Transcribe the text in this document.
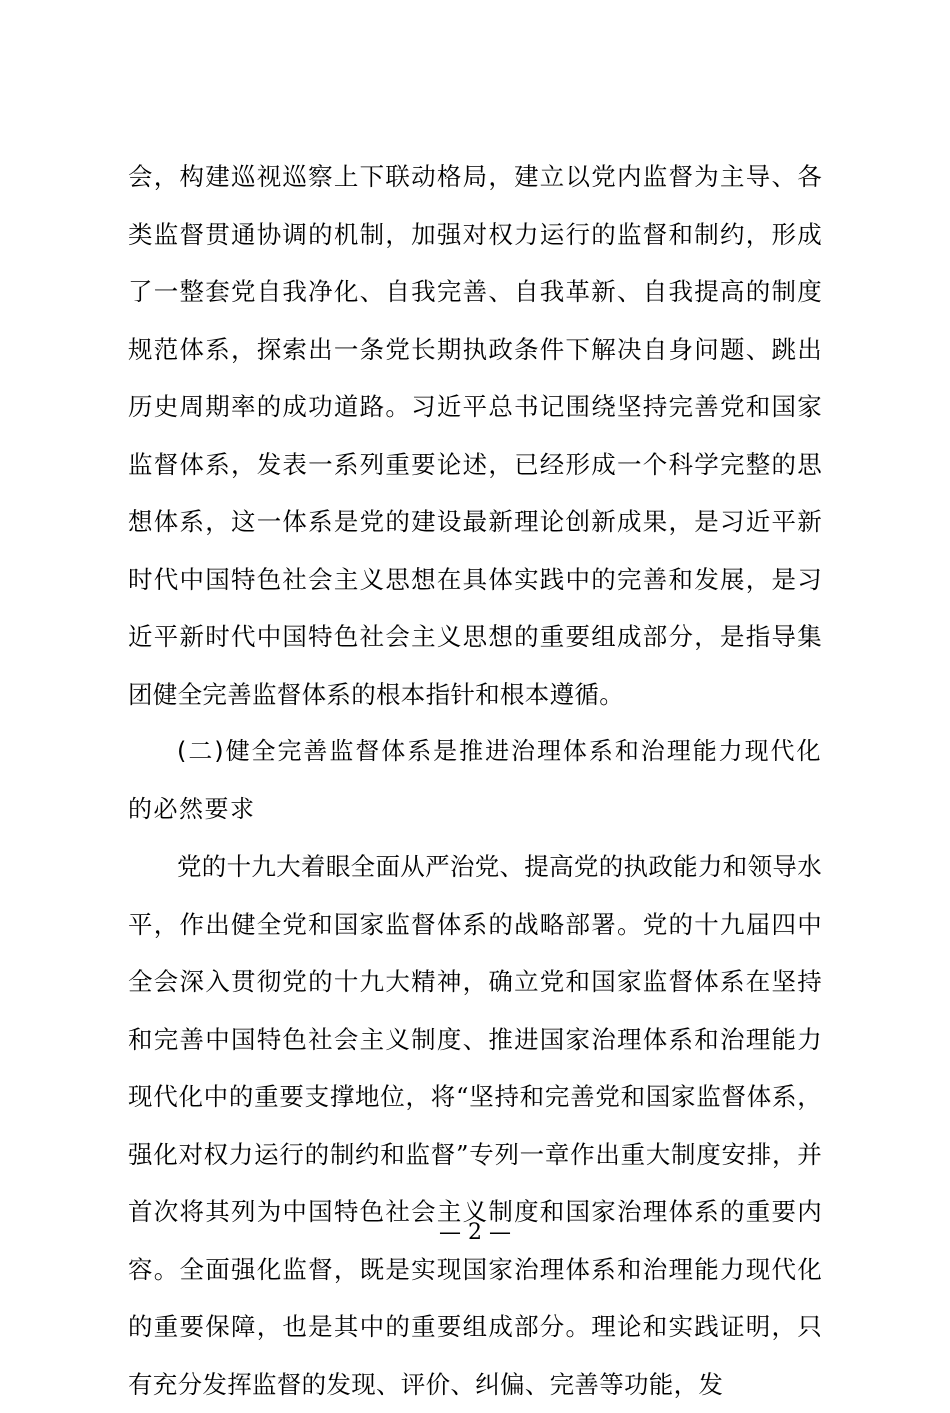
会，构建巡视巡察上下联动格局，建立以党内监督为主导、各类监督贯通协调的机制，加强对权力运行的监督和制约，形成了一整套党自我净化、自我完善、自我革新、自我提高的制度规范体系，探索出一条党长期执政条件下解决自身问题、跳出历史周期率的成功道路。习近平总书记围绕坚持完善党和国家监督体系，发表一系列重要论述，已经形成一个科学完整的思想体系，这一体系是党的建设最新理论创新成果，是习近平新时代中国特色社会主义思想在具体实践中的完善和发展，是习近平新时代中国特色社会主义思想的重要组成部分，是指导集团健全完善监督体系的根本指针和根本遵循。

(二)健全完善监督体系是推进治理体系和治理能力现代化的必然要求

党的十九大着眼全面从严治党、提高党的执政能力和领导水平，作出健全党和国家监督体系的战略部署。党的十九届四中全会深入贯彻党的十九大精神，确立党和国家监督体系在坚持和完善中国特色社会主义制度、推进国家治理体系和治理能力现代化中的重要支撑地位，将“坚持和完善党和国家监督体系，强化对权力运行的制约和监督”专列一章作出重大制度安排，并首次将其列为中国特色社会主义制度和国家治理体系的重要内容。全面强化监督，既是实现国家治理体系和治理能力现代化的重要保障，也是其中的重要组成部分。理论和实践证明，只有充分发挥监督的发现、评价、纠偏、完善等功能，发

— 2 —
